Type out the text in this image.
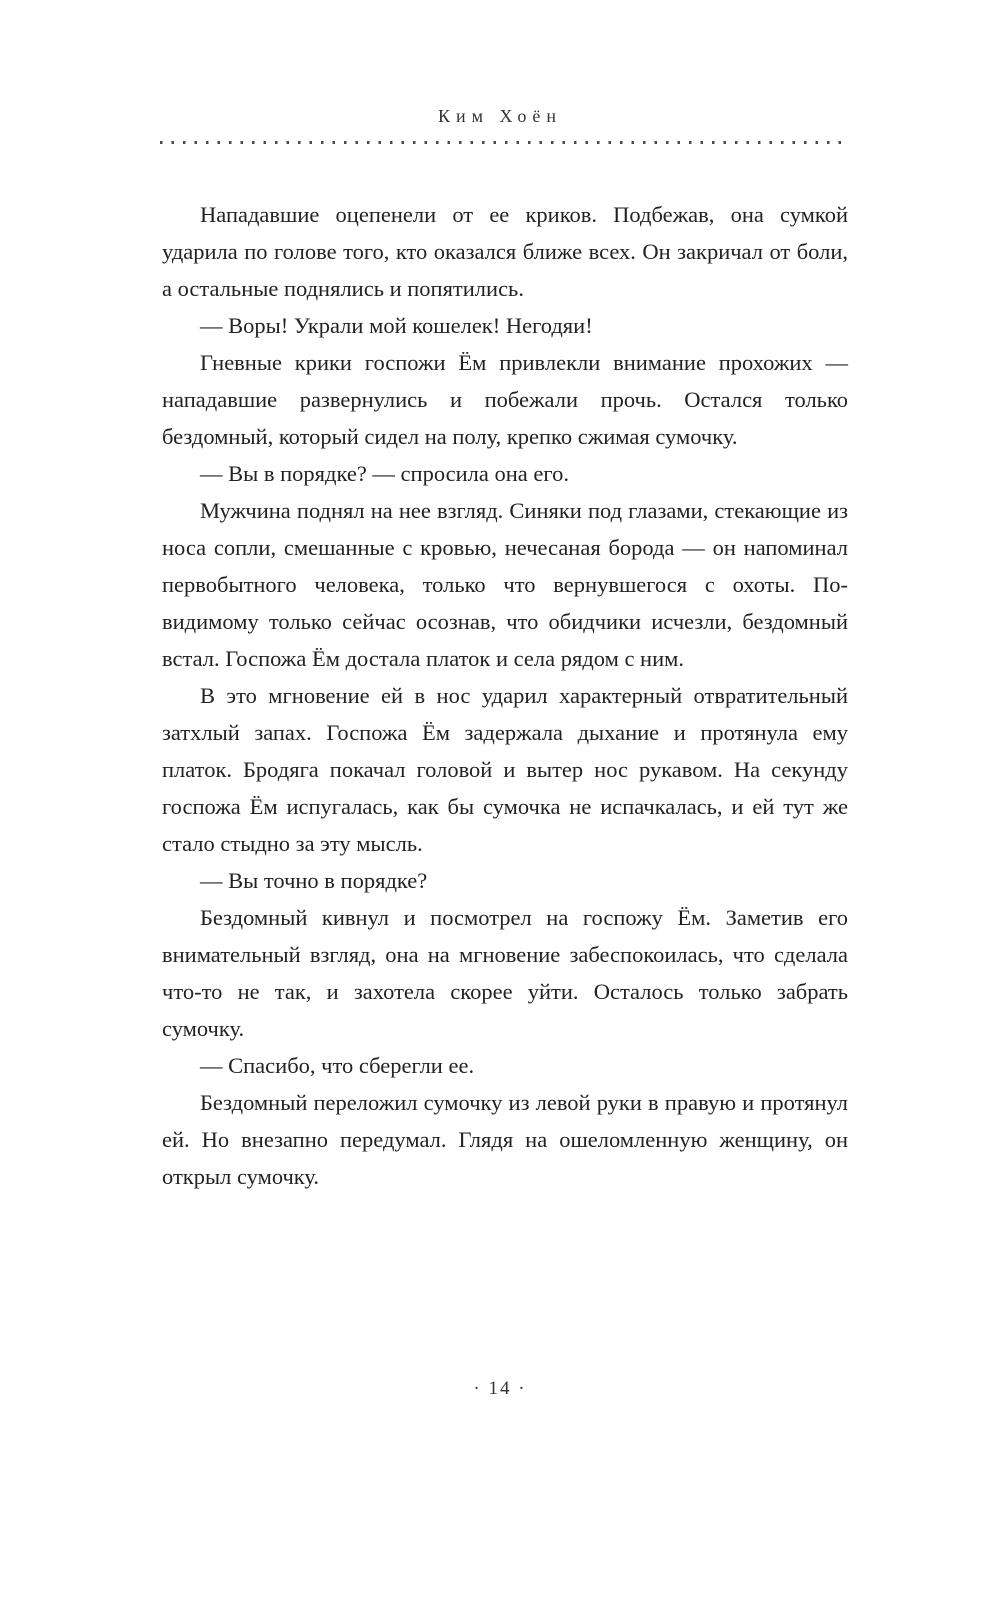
Ким Хоён

Нападавшие оцепенели от ее криков. Подбежав, она сумкой ударила по голове того, кто оказался ближе всех. Он закричал от боли, а остальные поднялись и попятились.

— Воры! Украли мой кошелек! Негодяи!

Гневные крики госпожи Ём привлекли внимание прохожих — нападавшие развернулись и побежали прочь. Остался только бездомный, который сидел на полу, крепко сжимая сумочку.

— Вы в порядке? — спросила она его.

Мужчина поднял на нее взгляд. Синяки под глазами, стекающие из носа сопли, смешанные с кровью, нечесаная борода — он напоминал первобытного человека, только что вернувшегося с охоты. По-видимому только сейчас осознав, что обидчики исчезли, бездомный встал. Госпожа Ём достала платок и села рядом с ним.

В это мгновение ей в нос ударил характерный отвратительный затхлый запах. Госпожа Ём задержала дыхание и протянула ему платок. Бродяга покачал головой и вытер нос рукавом. На секунду госпожа Ём испугалась, как бы сумочка не испачкалась, и ей тут же стало стыдно за эту мысль.

— Вы точно в порядке?

Бездомный кивнул и посмотрел на госпожу Ём. Заметив его внимательный взгляд, она на мгновение забеспокоилась, что сделала что-то не так, и захотела скорее уйти. Осталось только забрать сумочку.

— Спасибо, что сберегли ее.

Бездомный переложил сумочку из левой руки в правую и протянул ей. Но внезапно передумал. Глядя на ошеломленную женщину, он открыл сумочку.

· 14 ·
